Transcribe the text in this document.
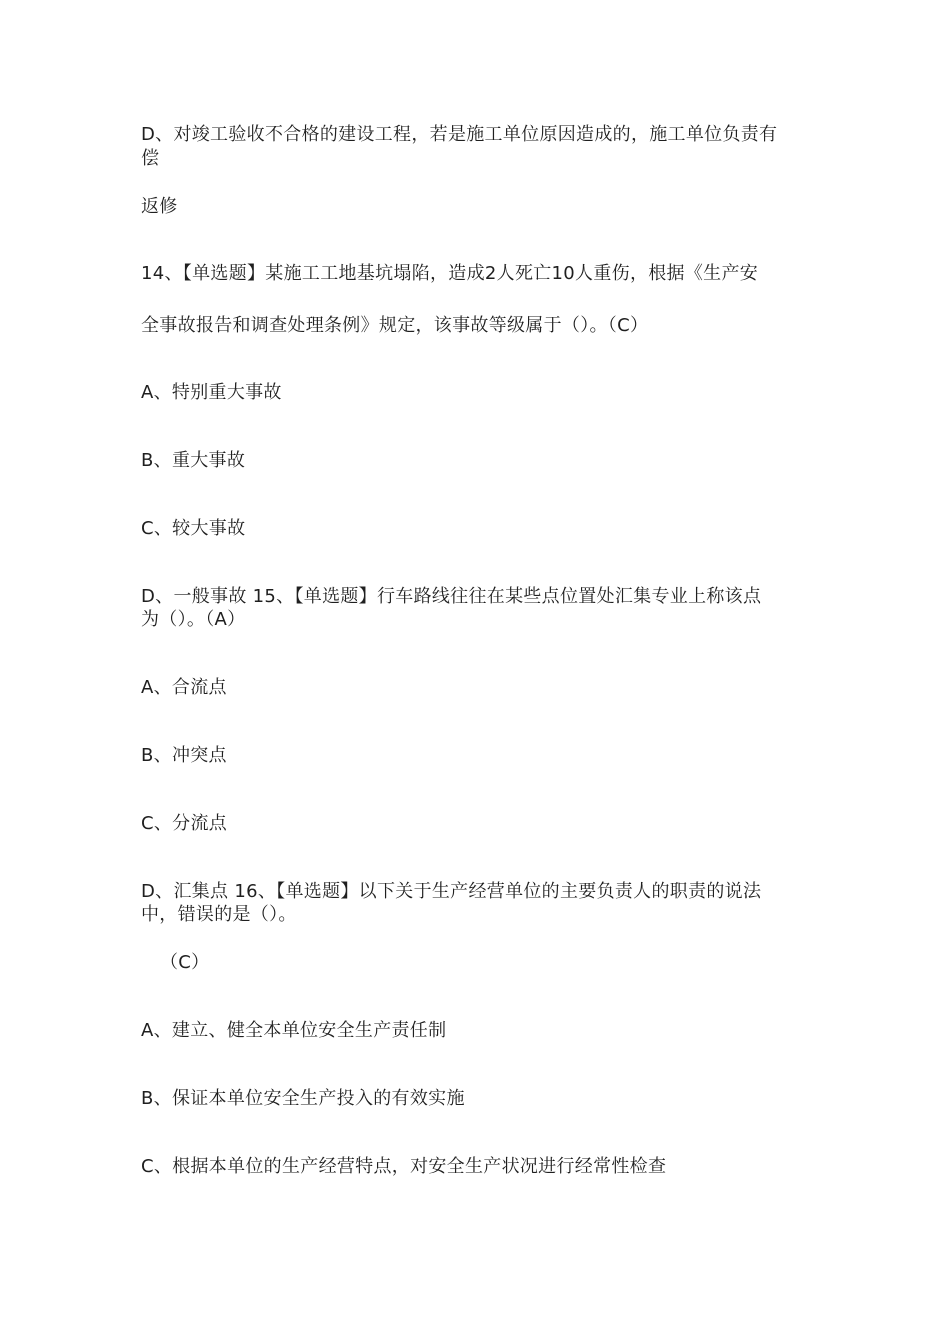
D、对竣工验收不合格的建设工程，若是施工单位原因造成的，施工单位负责有
偿
返修
14、【单选题】某施工工地基坑塌陷，造成2人死亡10人重伤，根据《生产安
全事故报告和调查处理条例》规定，该事故等级属于（）。（C）
A、特别重大事故
B、重大事故
C、较大事故
D、一般事故 15、【单选题】行车路线往往在某些点位置处汇集专业上称该点
为（）。（A）
A、合流点
B、冲突点
C、分流点
D、汇集点 16、【单选题】以下关于生产经营单位的主要负责人的职责的说法
中，错误的是（）。
（C）
A、建立、健全本单位安全生产责任制
B、保证本单位安全生产投入的有效实施
C、根据本单位的生产经营特点，对安全生产状况进行经常性检查
